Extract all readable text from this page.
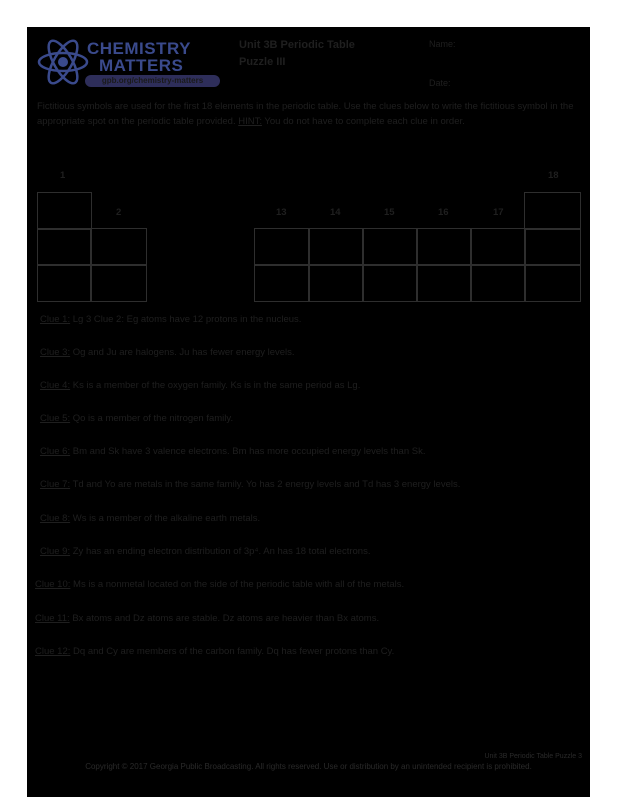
CHEMISTRY
MATTERS
gpb.org/chemistry-matters
Unit 3B Periodic Table
Puzzle III
Name:
Date:
Fictitious symbols are used for the first 18 elements in the periodic table. Use the clues below to write the fictitious symbol in the appropriate spot on the periodic table provided. HINT: You do not have to complete each clue in order.
1
2	13	14	15	16	17
18
Clue 1: Lg 3 Clue 2: Eg atoms have 12 protons in the nucleus.
Clue 3: Og and Ju are halogens. Ju has fewer energy levels.
Clue 4: Ks is a member of the oxygen family. Ks is in the same period as Lg.
Clue 5: Qo is a member of the nitrogen family.
Clue 6: Bm and Sk have 3 valence electrons. Bm has more occupied energy levels than Sk.
Clue 7: Td and Yo are metals in the same family. Yo has 2 energy levels and Td has 3 energy levels.
Clue 8: Ws is a member of the alkaline earth metals.
Clue 9: Zy has an ending electron distribution of 3p⁴. An has 18 total electrons.
Clue 10: Ms is a nonmetal located on the side of the periodic table with all of the metals.
Clue 11: Bx atoms and Dz atoms are stable. Dz atoms are heavier than Bx atoms.
Clue 12: Dq and Cy are members of the carbon family. Dq has fewer protons than Cy.
Unit 3B Periodic Table Puzzle 3
Copyright © 2017 Georgia Public Broadcasting. All rights reserved. Use or distribution by an unintended recipient is prohibited.
